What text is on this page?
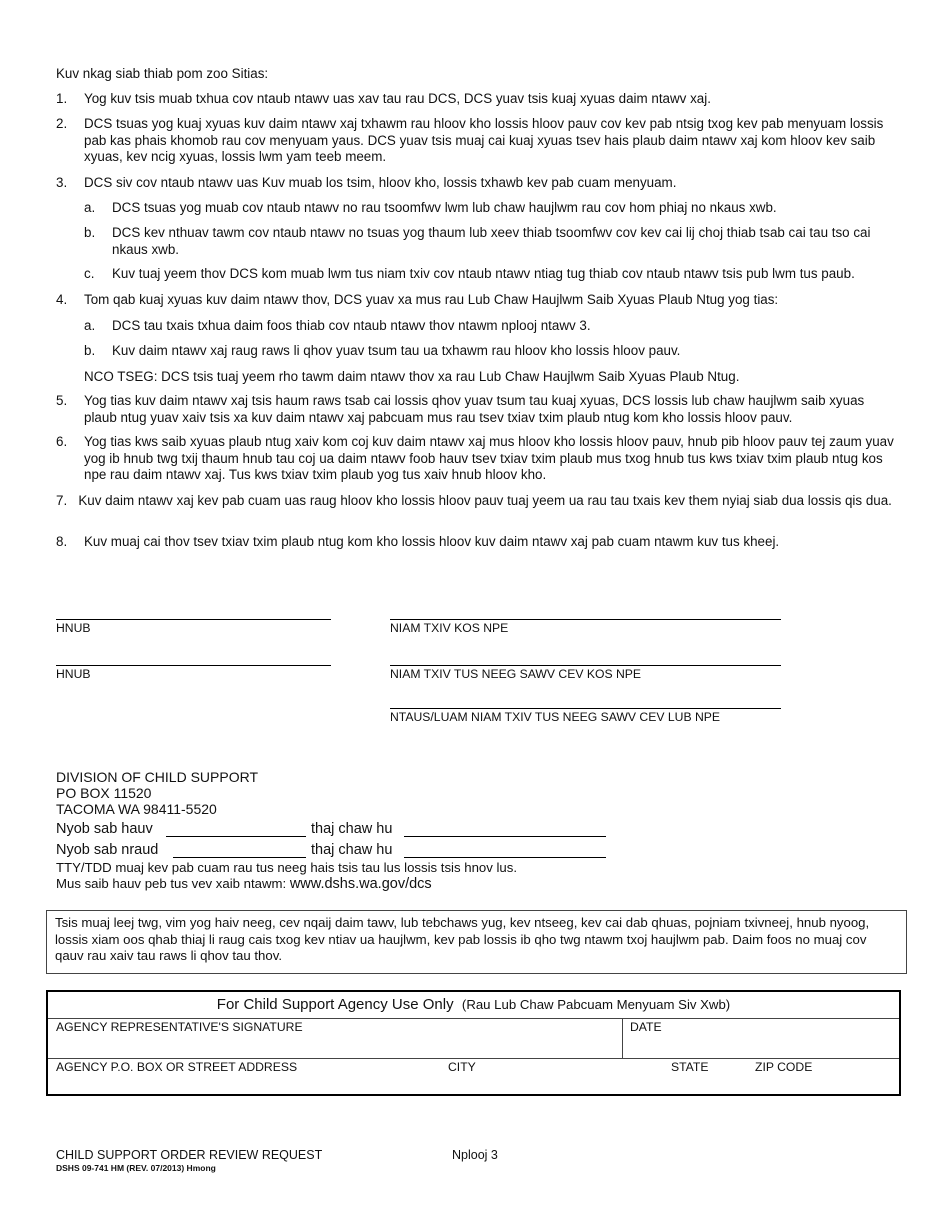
Kuv nkag siab thiab pom zoo Sitias:
1. Yog kuv tsis muab txhua cov ntaub ntawv uas xav tau rau DCS, DCS yuav tsis kuaj xyuas daim ntawv xaj.
2. DCS tsuas yog kuaj xyuas kuv daim ntawv xaj txhawm rau hloov kho lossis hloov pauv cov kev pab ntsig txog kev pab menyuam lossis pab kas phais khomob rau cov menyuam yaus. DCS yuav tsis muaj cai kuaj xyuas tsev hais plaub daim ntawv xaj kom hloov kev saib xyuas, kev ncig xyuas, lossis lwm yam teeb meem.
3. DCS siv cov ntaub ntawv uas Kuv muab los tsim, hloov kho, lossis txhawb kev pab cuam menyuam.
a. DCS tsuas yog muab cov ntaub ntawv no rau tsoomfwv lwm lub chaw haujlwm rau cov hom phiaj no nkaus xwb.
b. DCS kev nthuav tawm cov ntaub ntawv no tsuas yog thaum lub xeev thiab tsoomfwv cov kev cai lij choj thiab tsab cai tau tso cai nkaus xwb.
c. Kuv tuaj yeem thov DCS kom muab lwm tus niam txiv cov ntaub ntawv ntiag tug thiab cov ntaub ntawv tsis pub lwm tus paub.
4. Tom qab kuaj xyuas kuv daim ntawv thov, DCS yuav xa mus rau Lub Chaw Haujlwm Saib Xyuas Plaub Ntug yog tias:
a. DCS tau txais txhua daim foos thiab cov ntaub ntawv thov ntawm nplooj ntawv 3.
b. Kuv daim ntawv xaj raug raws li qhov yuav tsum tau ua txhawm rau hloov kho lossis hloov pauv.
NCO TSEG: DCS tsis tuaj yeem rho tawm daim ntawv thov xa rau Lub Chaw Haujlwm Saib Xyuas Plaub Ntug.
5. Yog tias kuv daim ntawv xaj tsis haum raws tsab cai lossis qhov yuav tsum tau kuaj xyuas, DCS lossis lub chaw haujlwm saib xyuas plaub ntug yuav xaiv tsis xa kuv daim ntawv xaj pabcuam mus rau tsev txiav txim plaub ntug kom kho lossis hloov pauv.
6. Yog tias kws saib xyuas plaub ntug xaiv kom coj kuv daim ntawv xaj mus hloov kho lossis hloov pauv, hnub pib hloov pauv tej zaum yuav yog ib hnub twg txij thaum hnub tau coj ua daim ntawv foob hauv tsev txiav txim plaub mus txog hnub tus kws txiav txim plaub ntug kos npe rau daim ntawv xaj. Tus kws txiav txim plaub yog tus xaiv hnub hloov kho.
7. Kuv daim ntawv xaj kev pab cuam uas raug hloov kho lossis hloov pauv tuaj yeem ua rau tau txais kev them nyiaj siab dua lossis qis dua.
8. Kuv muaj cai thov tsev txiav txim plaub ntug kom kho lossis hloov kuv daim ntawv xaj pab cuam ntawm kuv tus kheej.
HNUB	NIAM TXIV KOS NPE
HNUB	NIAM TXIV TUS NEEG SAWV CEV KOS NPE
NTAUS/LUAM NIAM TXIV TUS NEEG SAWV CEV LUB NPE
DIVISION OF CHILD SUPPORT
PO BOX 11520
TACOMA WA 98411-5520
Nyob sab hauv	thaj chaw hu
Nyob sab nraud	thaj chaw hu
TTY/TDD muaj kev pab cuam rau tus neeg hais tsis tau lus lossis tsis hnov lus.
Mus saib hauv peb tus vev xaib ntawm: www.dshs.wa.gov/dcs
Tsis muaj leej twg, vim yog haiv neeg, cev nqaij daim tawv, lub tebchaws yug, kev ntseeg, kev cai dab qhuas, pojniam txivneej, hnub nyoog, lossis xiam oos qhab thiaj li raug cais txog kev ntiav ua haujlwm, kev pab lossis ib qho twg ntawm txoj haujlwm pab. Daim foos no muaj cov qauv rau xaiv tau raws li qhov tau thov.
For Child Support Agency Use Only (Rau Lub Chaw Pabcuam Menyuam Siv Xwb)
AGENCY REPRESENTATIVE'S SIGNATURE	DATE
AGENCY P.O. BOX OR STREET ADDRESS	CITY	STATE	ZIP CODE
CHILD SUPPORT ORDER REVIEW REQUEST	Nplooj 3
DSHS 09-741 HM (REV. 07/2013) Hmong
